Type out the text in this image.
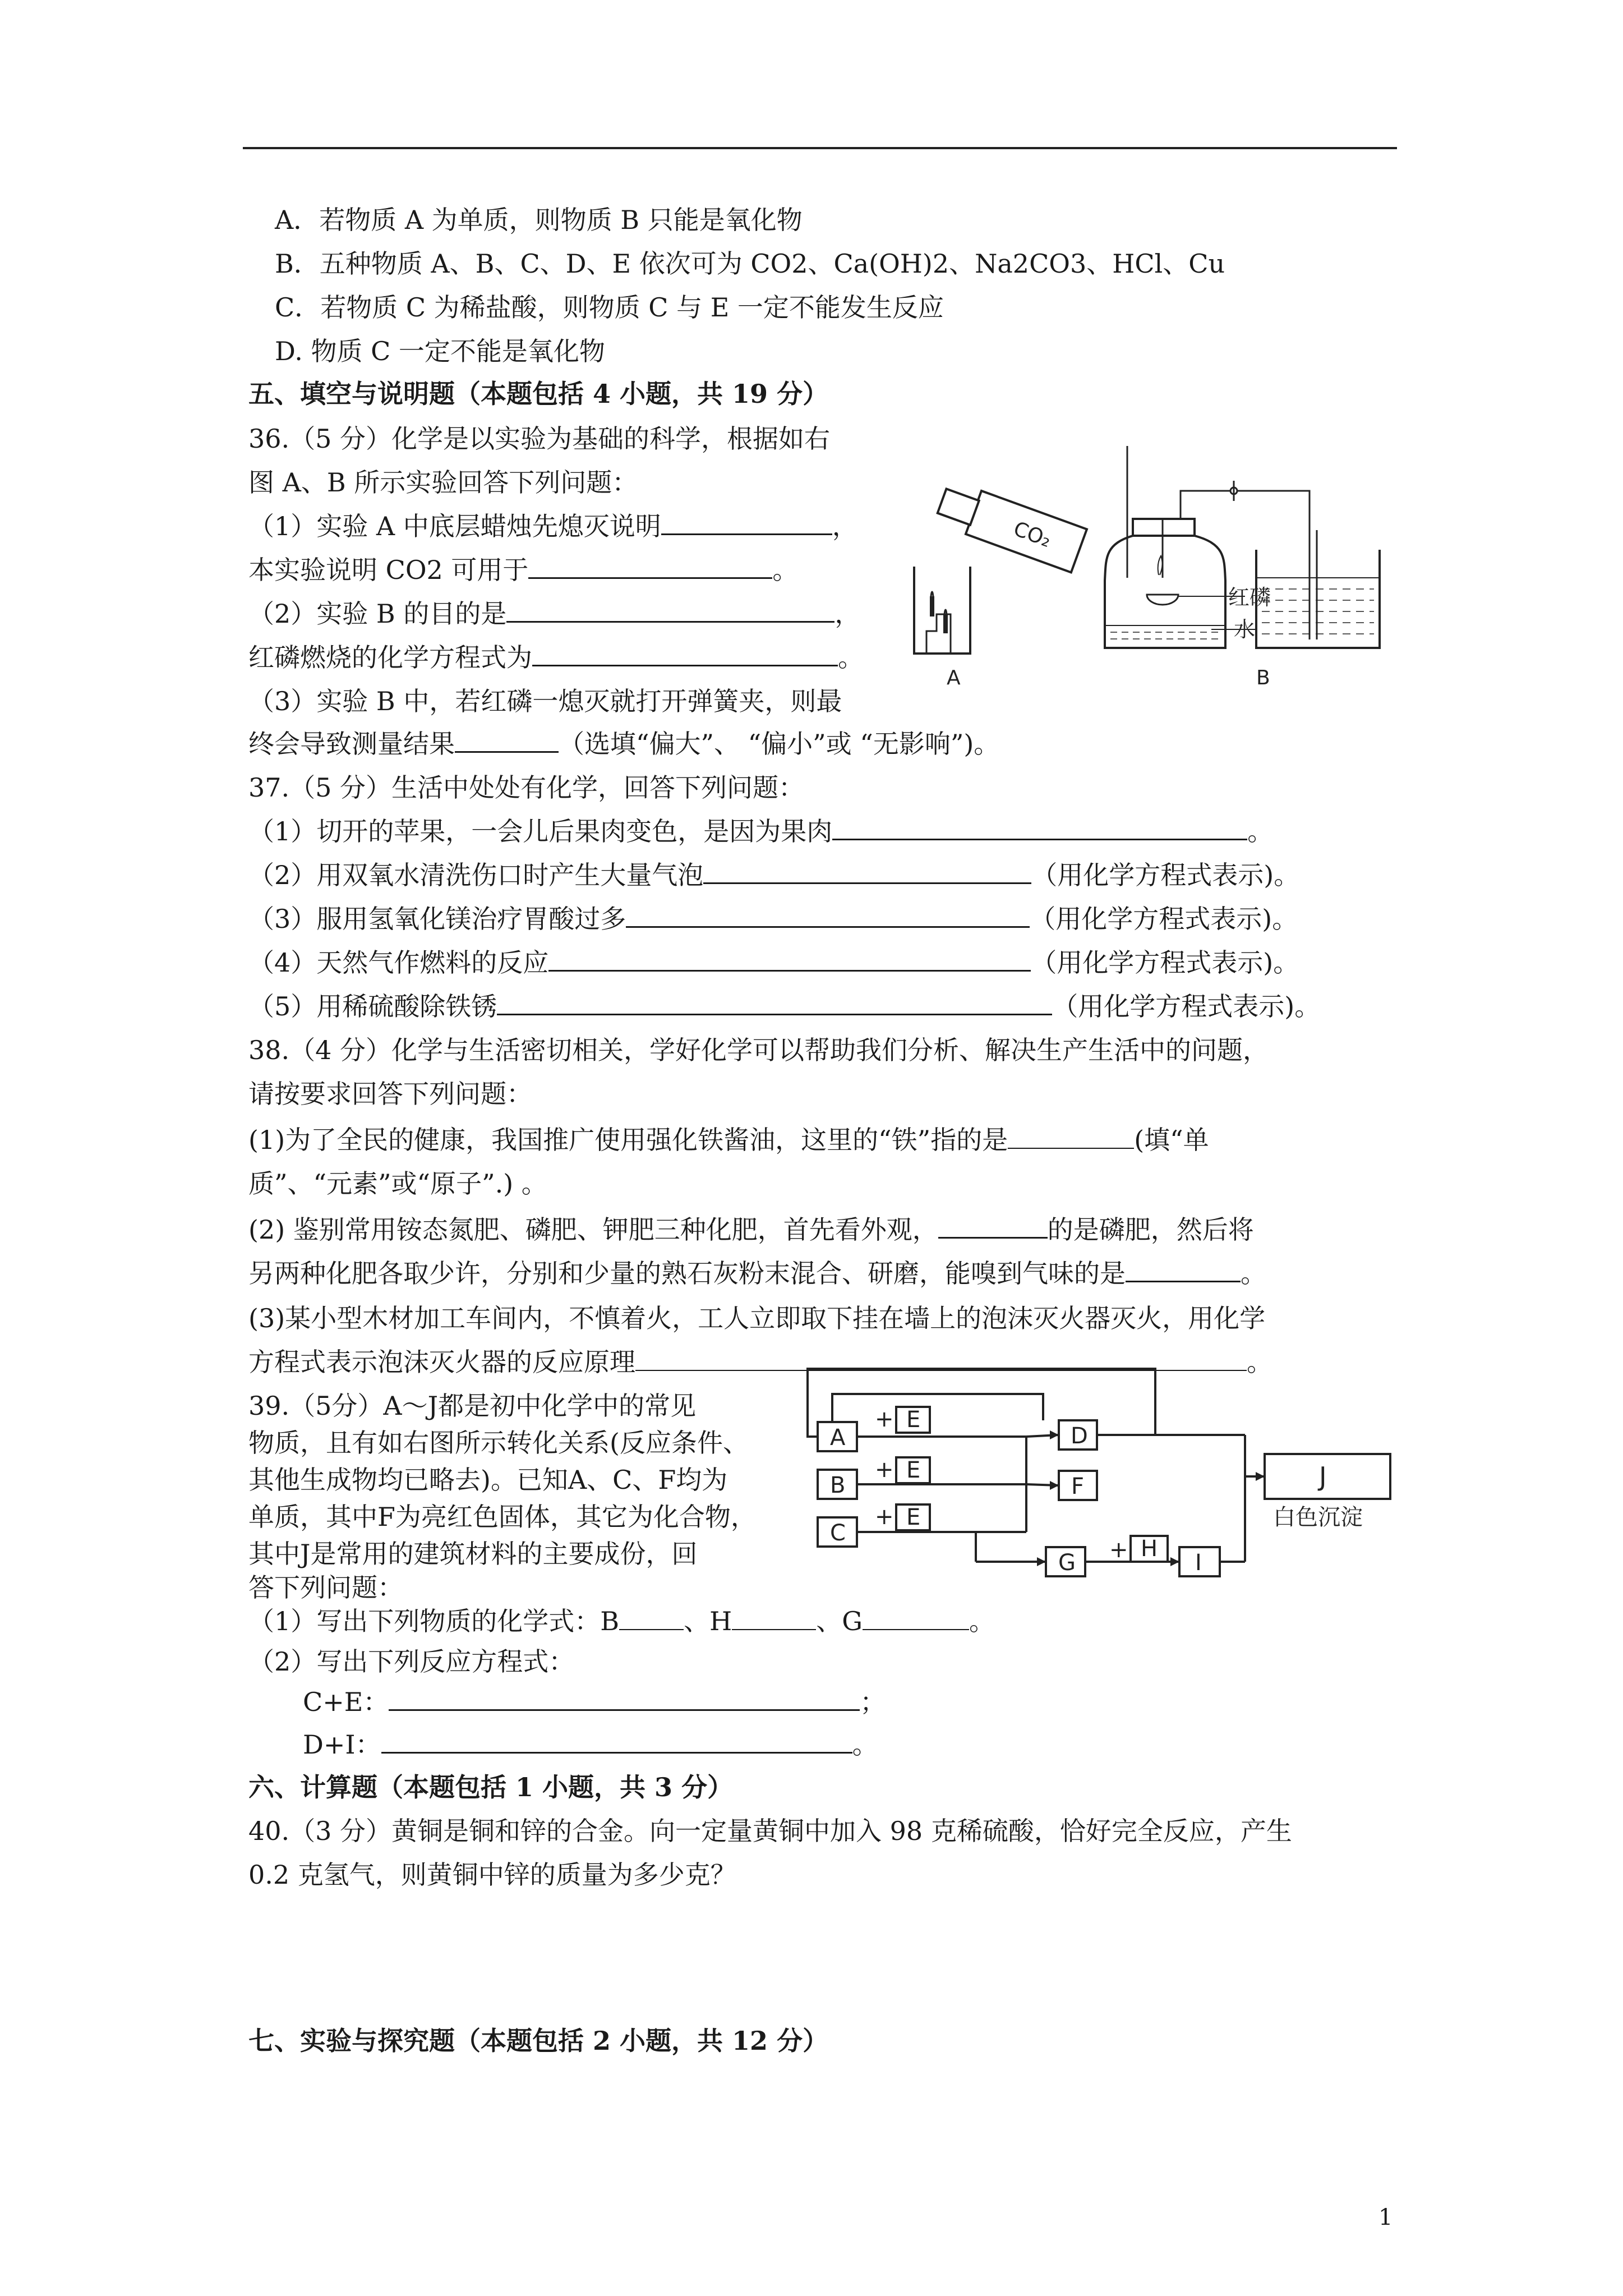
A．若物质 A 为单质，则物质 B 只能是氧化物
B．五种物质 A、B、C、D、E 依次可为 CO2、Ca(OH)2、Na2CO3、HCl、Cu
C．若物质 C 为稀盐酸，则物质 C 与 E 一定不能发生反应
D. 物质 C 一定不能是氧化物
五、填空与说明题（本题包括 4 小题，共 19 分）
36.（5 分）化学是以实验为基础的科学，根据如右
图 A、B 所示实验回答下列问题：
（1）实验 A 中底层蜡烛先熄灭说明	，
本实验说明 CO2 可用于	。
（2）实验 B 的目的是	，
红磷燃烧的化学方程式为	。
（3）实验 B 中，若红磷一熄灭就打开弹簧夹，则最
终会导致测量结果	（选填“偏大”、 “偏小”或 “无影响”)。
CO₂
A
红磷
水
B
37.（5 分）生活中处处有化学，回答下列问题：
（1）切开的苹果，一会儿后果肉变色，是因为果肉	。
（2）用双氧水清洗伤口时产生大量气泡	（用化学方程式表示)。
（3）服用氢氧化镁治疗胃酸过多	（用化学方程式表示)。
（4）天然气作燃料的反应	（用化学方程式表示)。
（5）用稀硫酸除铁锈	（用化学方程式表示)。
38.（4 分）化学与生活密切相关，学好化学可以帮助我们分析、解决生产生活中的问题，
请按要求回答下列问题：
(1)为了全民的健康，我国推广使用强化铁酱油，这里的“铁”指的是	(填“单
质”、“元素”或“原子”.) 。
(2) 鉴别常用铵态氮肥、磷肥、钾肥三种化肥，首先看外观，	的是磷肥，然后将
另两种化肥各取少许，分别和少量的熟石灰粉末混合、研磨，能嗅到气味的是	。
(3)某小型木材加工车间内，不慎着火，工人立即取下挂在墙上的泡沫灭火器灭火，用化学
方程式表示泡沫灭火器的反应原理	。
39.（5分）A～J都是初中化学中的常见
物质，且有如右图所示转化关系(反应条件、
其他生成物均已略去)。已知A、C、F均为
单质，其中F为亮红色固体，其它为化合物，
其中J是常用的建筑材料的主要成份，回
答下列问题：
（1）写出下列物质的化学式：B	、H	、G	。
（2）写出下列反应方程式：
C+E：	；
D+I：	。
A
B
C
+
+
+
E
E
E
D
F
G + H
I
J
白色沉淀
六、计算题（本题包括 1 小题，共 3 分）
40.（3 分）黄铜是铜和锌的合金。向一定量黄铜中加入 98 克稀硫酸，恰好完全反应，产生
0.2 克氢气，则黄铜中锌的质量为多少克？
七、实验与探究题（本题包括 2 小题，共 12 分）
1
